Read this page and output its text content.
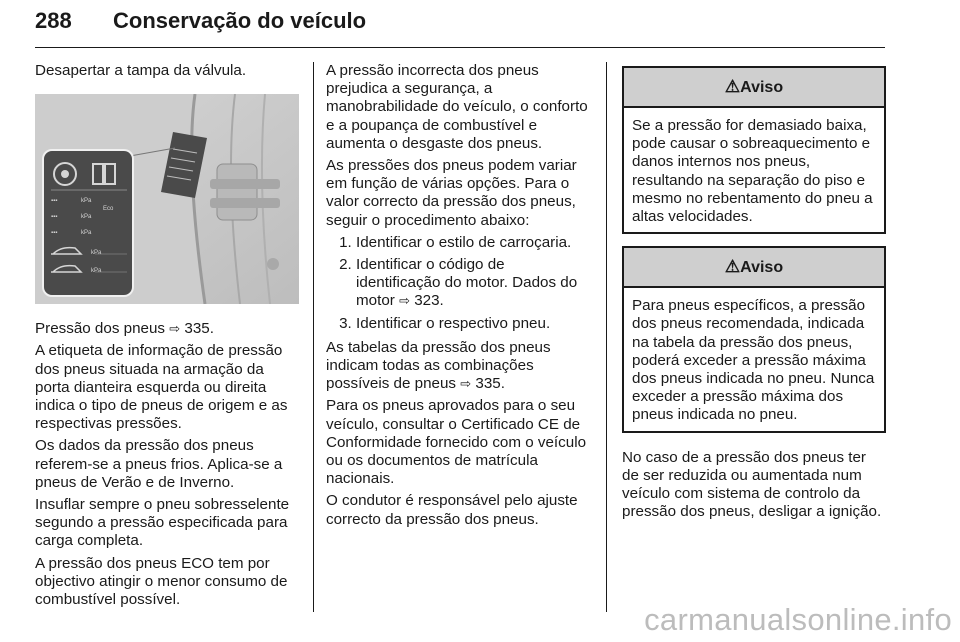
288 Conservação do veículo

Desapertar a tampa da válvula.

▪▪▪	kPa
▪▪▪	kPa
▪▪▪	kPa
Eco
kPa
kPa

Pressão dos pneus ⇨ 335.

A etiqueta de informação de pressão dos pneus situada na armação da porta dianteira esquerda ou direita indica o tipo de pneus de origem e as respectivas pressões.

Os dados da pressão dos pneus referem-se a pneus frios. Aplica-se a pneus de Verão e de Inverno.

Insuflar sempre o pneu sobresselente segundo a pressão especificada para carga completa.

A pressão dos pneus ECO tem por objectivo atingir o menor consumo de combustível possível.

A pressão incorrecta dos pneus prejudica a segurança, a manobrabilidade do veículo, o conforto e a poupança de combustível e aumenta o desgaste dos pneus.

As pressões dos pneus podem variar em função de várias opções. Para o valor correcto da pressão dos pneus, seguir o procedimento abaixo:

1. Identificar o estilo de carroçaria.
2. Identificar o código de identificação do motor. Dados do motor ⇨ 323.
3. Identificar o respectivo pneu.

As tabelas da pressão dos pneus indicam todas as combinações possíveis de pneus ⇨ 335.

Para os pneus aprovados para o seu veículo, consultar o Certificado CE de Conformidade fornecido com o veículo ou os documentos de matrícula nacionais.

O condutor é responsável pelo ajuste correcto da pressão dos pneus.

⚠Aviso
Se a pressão for demasiado baixa, pode causar o sobreaquecimento e danos internos nos pneus, resultando na separação do piso e mesmo no rebentamento do pneu a altas velocidades.
⚠Aviso
Para pneus específicos, a pressão dos pneus recomendada, indicada na tabela da pressão dos pneus, poderá exceder a pressão máxima dos pneus indicada no pneu. Nunca exceder a pressão máxima dos pneus indicada no pneu.

No caso de a pressão dos pneus ter de ser reduzida ou aumentada num veículo com sistema de controlo da pressão dos pneus, desligar a ignição.

carmanualsonline.info
